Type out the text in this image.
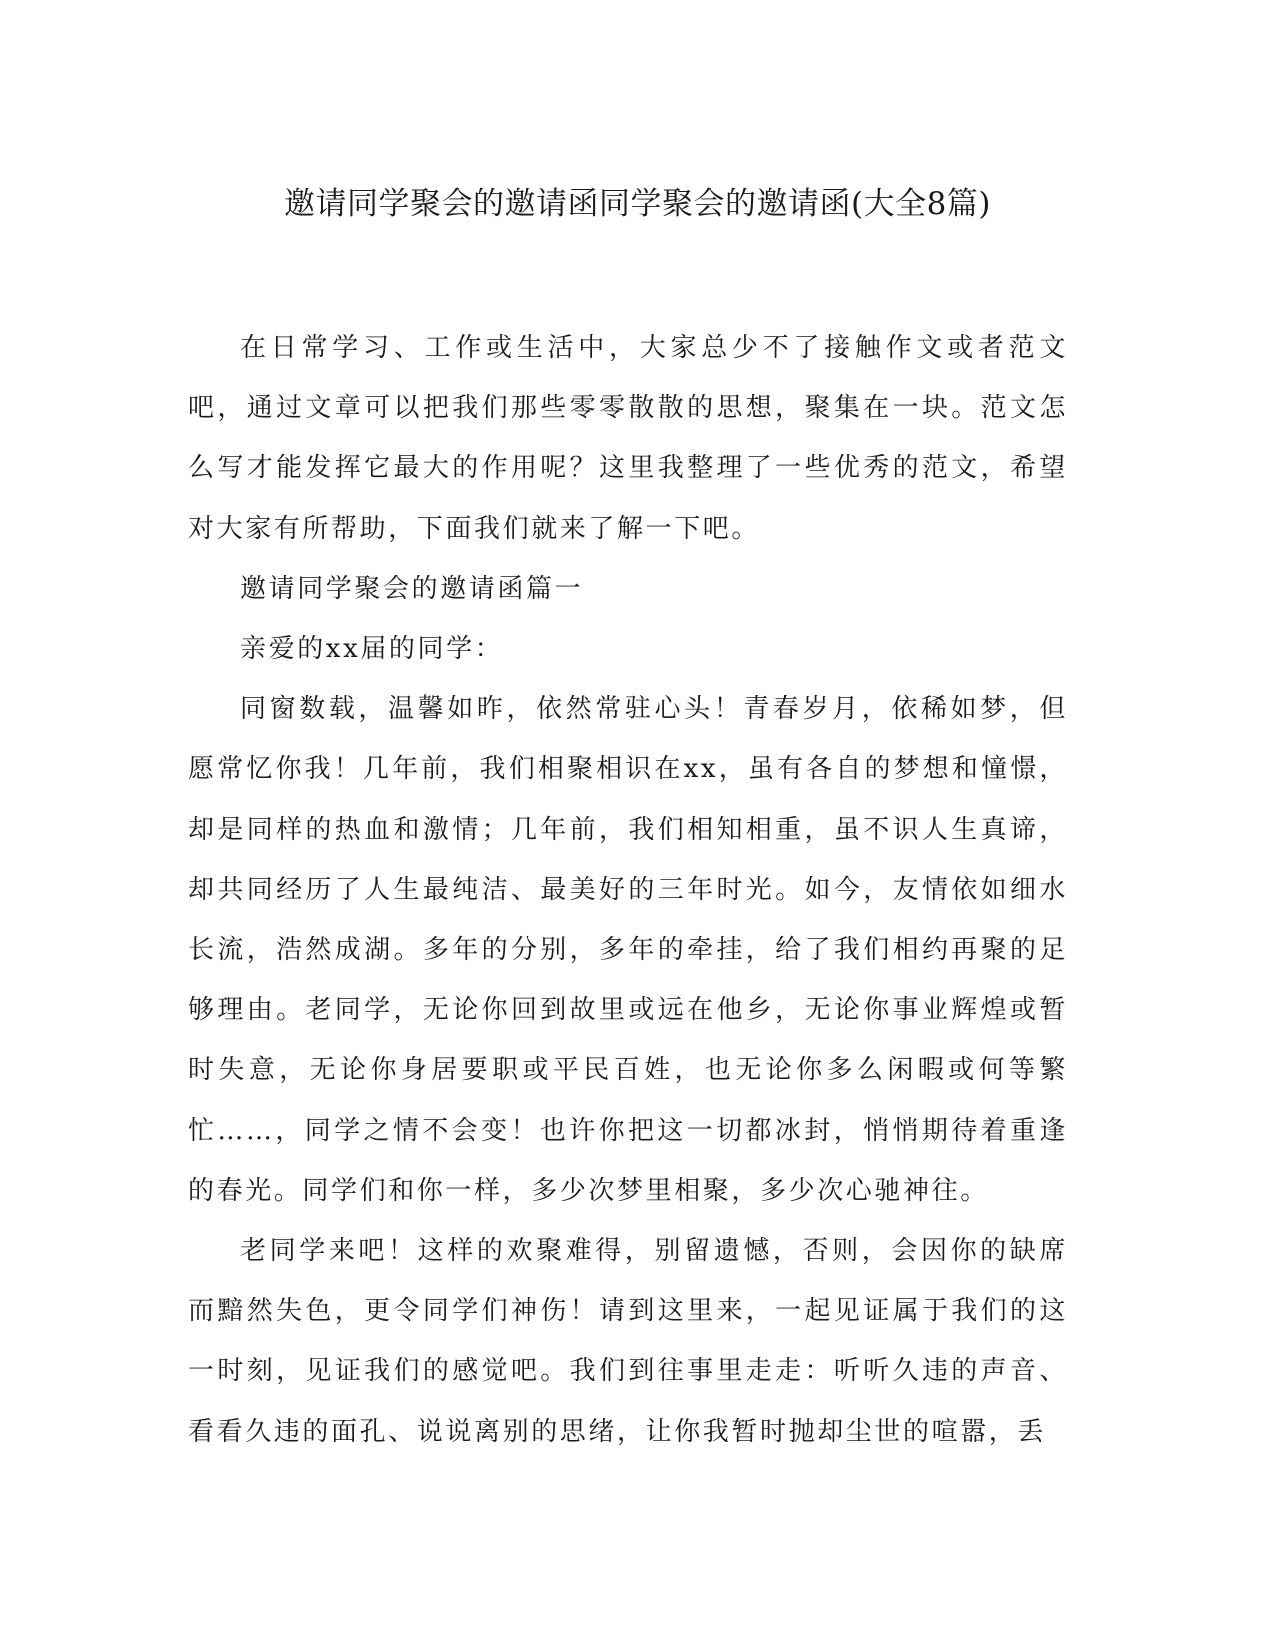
邀请同学聚会的邀请函同学聚会的邀请函(大全8篇)

在日常学习、工作或生活中，大家总少不了接触作文或者范文吧，通过文章可以把我们那些零零散散的思想，聚集在一块。范文怎么写才能发挥它最大的作用呢？这里我整理了一些优秀的范文，希望对大家有所帮助，下面我们就来了解一下吧。

邀请同学聚会的邀请函篇一

亲爱的xx届的同学：

同窗数载，温馨如昨，依然常驻心头！青春岁月，依稀如梦，但愿常忆你我！几年前，我们相聚相识在xx，虽有各自的梦想和憧憬，却是同样的热血和激情；几年前，我们相知相重，虽不识人生真谛，却共同经历了人生最纯洁、最美好的三年时光。如今，友情依如细水长流，浩然成湖。多年的分别，多年的牵挂，给了我们相约再聚的足够理由。老同学，无论你回到故里或远在他乡，无论你事业辉煌或暂时失意，无论你身居要职或平民百姓，也无论你多么闲暇或何等繁忙……，同学之情不会变！也许你把这一切都冰封，悄悄期待着重逢的春光。同学们和你一样，多少次梦里相聚，多少次心驰神往。

老同学来吧！这样的欢聚难得，别留遗憾，否则，会因你的缺席而黯然失色，更令同学们神伤！请到这里来，一起见证属于我们的这一时刻，见证我们的感觉吧。我们到往事里走走：听听久违的声音、看看久违的面孔、说说离别的思绪，让你我暂时抛却尘世的喧嚣，丢
